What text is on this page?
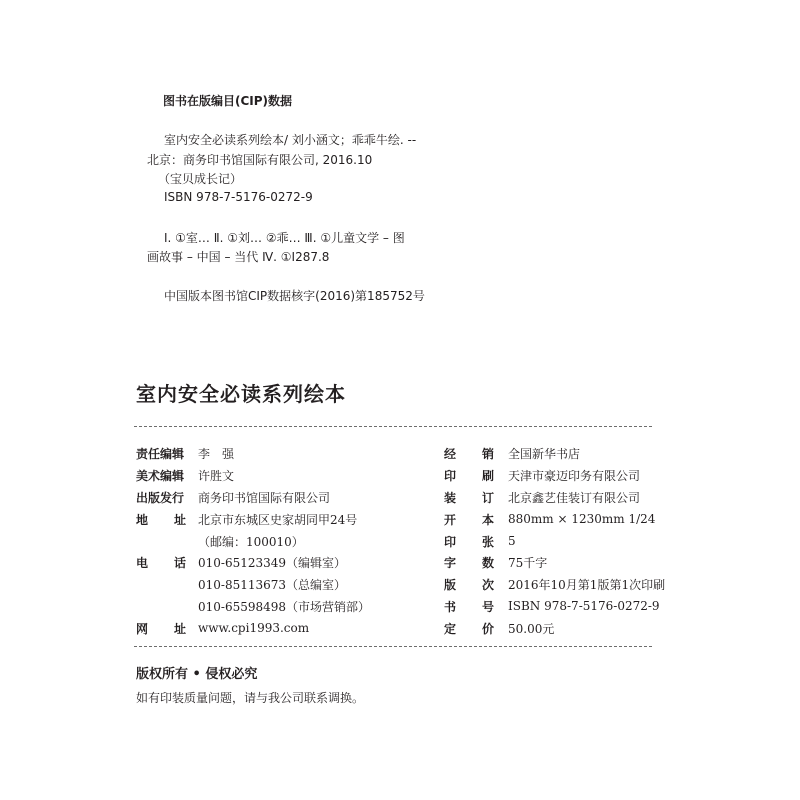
图书在版编目(CIP)数据
室内安全必读系列绘本/ 刘小涵文；乖乖牛绘. --
北京：商务印书馆国际有限公司, 2016.10
（宝贝成长记）
ISBN 978-7-5176-0272-9
Ⅰ. ①室… Ⅱ. ①刘… ②乖… Ⅲ. ①儿童文学 – 图
画故事 – 中国 – 当代 Ⅳ. ①I287.8
中国版本图书馆CIP数据核字(2016)第185752号
室内安全必读系列绘本
责任编辑 李　强
美术编辑 许胜文
出版发行 商务印书馆国际有限公司
地 址 北京市东城区史家胡同甲24号
（邮编：100010）
电 话 010-65123349（编辑室）
010-85113673（总编室）
010-65598498（市场营销部）
网 址 www.cpi1993.com
经 销 全国新华书店
印 刷 天津市豪迈印务有限公司
装 订 北京鑫艺佳装订有限公司
开 本 880mm × 1230mm 1/24
印 张 5
字 数 75千字
版 次 2016年10月第1版第1次印刷
书 号 ISBN 978-7-5176-0272-9
定 价 50.00元
版权所有 • 侵权必究
如有印装质量问题，请与我公司联系调换。
